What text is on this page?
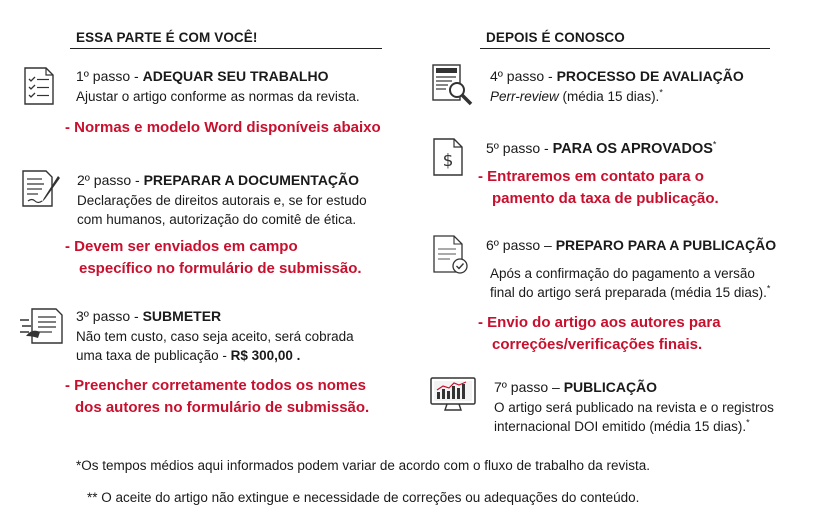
ESSA PARTE É COM VOCÊ!
1º passo - ADEQUAR SEU TRABALHO
Ajustar o artigo conforme as normas da revista.
- Normas e modelo Word disponíveis abaixo
2º passo - PREPARAR A DOCUMENTAÇÃO
Declarações de direitos autorais e, se for estudo
com humanos, autorização do comitê de ética.
- Devem ser enviados em campo
específico no formulário de submissão.
3º passo - SUBMETER
Não tem custo, caso seja aceito, será cobrada
uma taxa de publicação - R$ 300,00 .
- Preencher corretamente todos os nomes
dos autores no formulário de submissão.
DEPOIS É CONOSCO
4º passo - PROCESSO DE AVALIAÇÃO
Perr-review (média 15 dias).*
$
5º passo - PARA OS APROVADOS*
- Entraremos em contato para o
pamento da taxa de publicação.
6º passo – PREPARO PARA A PUBLICAÇÃO
Após a confirmação do pagamento a versão
final do artigo será preparada (média 15 dias).*
- Envio do artigo aos autores para
correções/verificações finais.
7º passo – PUBLICAÇÃO
O artigo será publicado na revista e o registros
internacional DOI emitido (média 15 dias).*
*Os tempos médios aqui informados podem variar de acordo com o fluxo de trabalho da revista.
** O aceite do artigo não extingue e necessidade de correções ou adequações do conteúdo.
